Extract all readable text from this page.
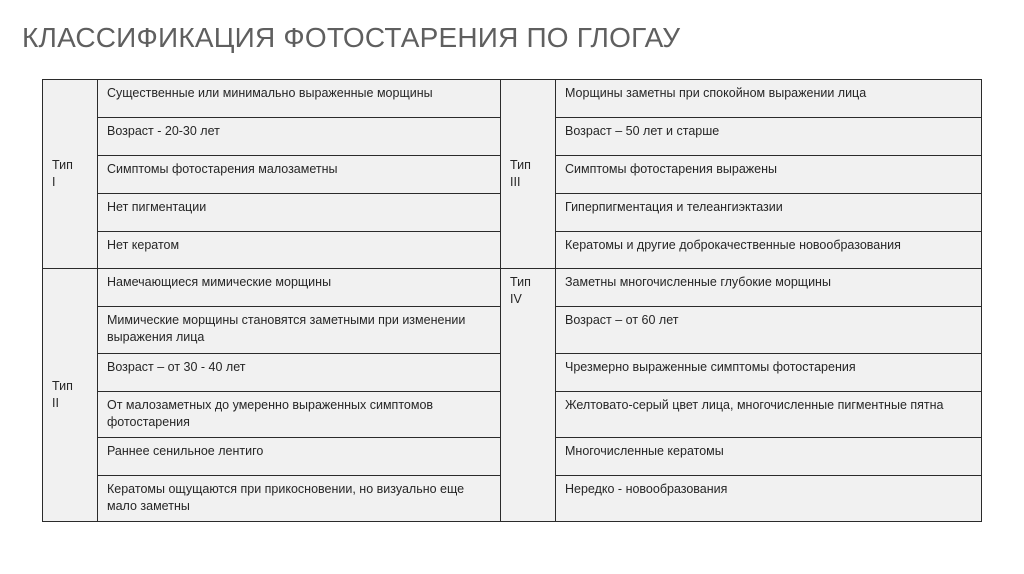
КЛАССИФИКАЦИЯ ФОТОСТАРЕНИЯ ПО ГЛОГАУ
Тип I	Существенные или минимально выраженные морщины	Тип III	Морщины заметны при спокойном выражении лица
	Возраст - 20-30 лет		Возраст – 50 лет и старше
	Симптомы фотостарения малозаметны		Симптомы фотостарения выражены
	Нет пигментации		Гиперпигментация и телеангиэктазии
	Нет кератом		Кератомы и другие доброкачественные новообразования

Тип II	Намечающиеся мимические морщины	Тип IV	Заметны многочисленные глубокие морщины
	Мимические морщины становятся заметными при изменении выражения лица		Возраст – от 60 лет
	Возраст – от 30 - 40 лет		Чрезмерно выраженные симптомы фотостарения
	От малозаметных до умеренно выраженных симптомов фотостарения		Желтовато-серый цвет лица, многочисленные пигментные пятна
	Раннее сенильное лентиго		Многочисленные кератомы
	Кератомы ощущаются при прикосновении, но визуально еще мало заметны		Нередко - новообразования
